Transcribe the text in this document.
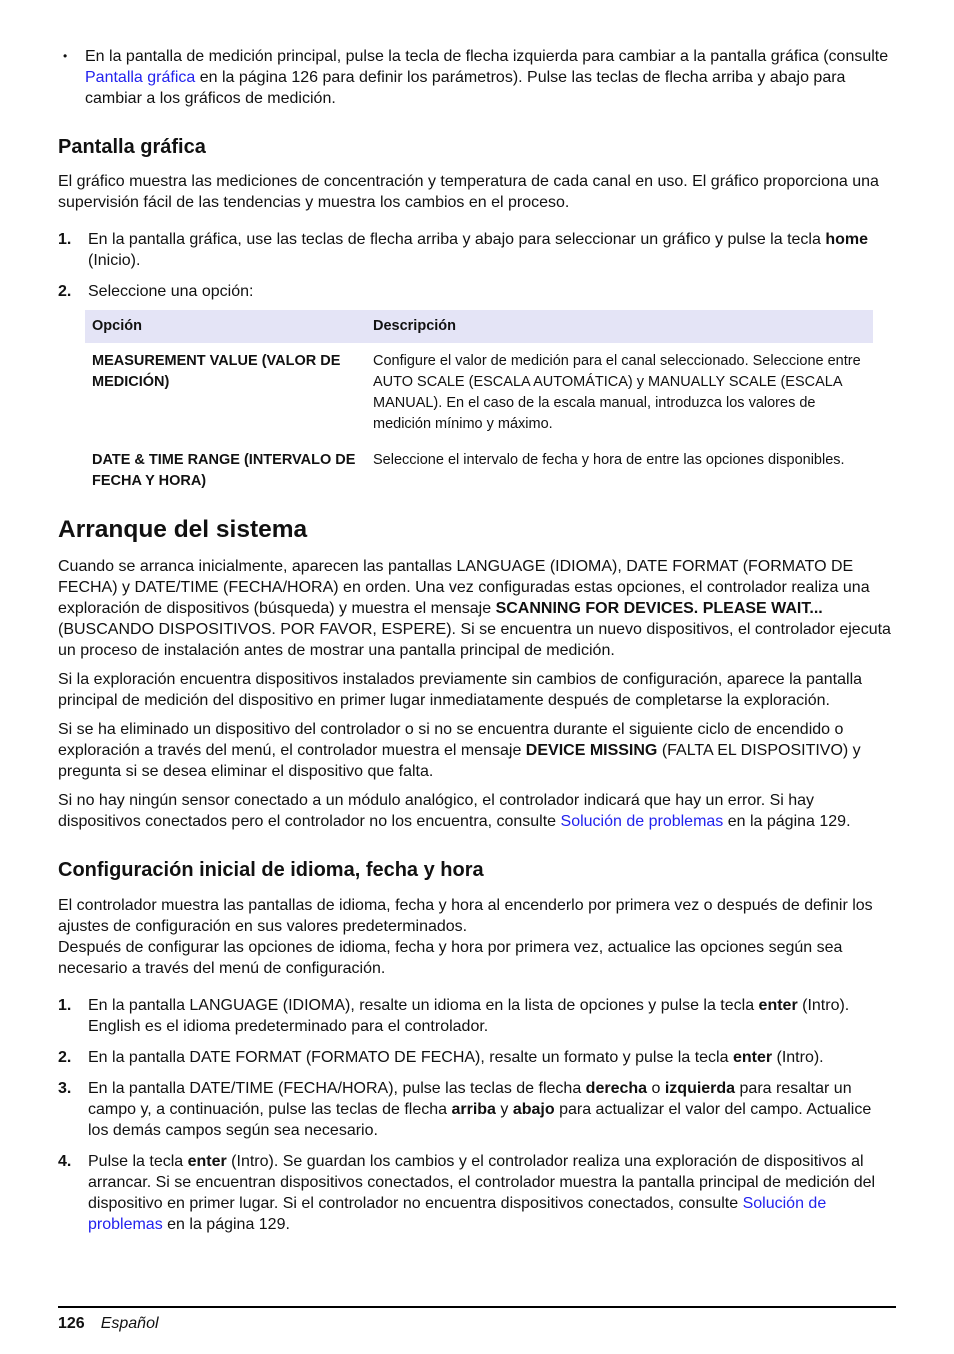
•	En la pantalla de medición principal, pulse la tecla de flecha izquierda para cambiar a la pantalla gráfica (consulte Pantalla gráfica en la página 126 para definir los parámetros). Pulse las teclas de flecha arriba y abajo para cambiar a los gráficos de medición.
Pantalla gráfica

El gráfico muestra las mediciones de concentración y temperatura de cada canal en uso. El gráfico proporciona una supervisión fácil de las tendencias y muestra los cambios en el proceso.

1.	En la pantalla gráfica, use las teclas de flecha arriba y abajo para seleccionar un gráfico y pulse la tecla home (Inicio).
2.	Seleccione una opción:
Opción	Descripción
MEASUREMENT VALUE (VALOR DE MEDICIÓN)	Configure el valor de medición para el canal seleccionado. Seleccione entre AUTO SCALE (ESCALA AUTOMÁTICA) y MANUALLY SCALE (ESCALA MANUAL). En el caso de la escala manual, introduzca los valores de medición mínimo y máximo.
DATE & TIME RANGE (INTERVALO DE FECHA Y HORA)	Seleccione el intervalo de fecha y hora de entre las opciones disponibles.
Arranque del sistema

Cuando se arranca inicialmente, aparecen las pantallas LANGUAGE (IDIOMA), DATE FORMAT (FORMATO DE FECHA) y DATE/TIME (FECHA/HORA) en orden. Una vez configuradas estas opciones, el controlador realiza una exploración de dispositivos (búsqueda) y muestra el mensaje SCANNING FOR DEVICES. PLEASE WAIT... (BUSCANDO DISPOSITIVOS. POR FAVOR, ESPERE). Si se encuentra un nuevo dispositivos, el controlador ejecuta un proceso de instalación antes de mostrar una pantalla principal de medición.

Si la exploración encuentra dispositivos instalados previamente sin cambios de configuración, aparece la pantalla principal de medición del dispositivo en primer lugar inmediatamente después de completarse la exploración.

Si se ha eliminado un dispositivo del controlador o si no se encuentra durante el siguiente ciclo de encendido o exploración a través del menú, el controlador muestra el mensaje DEVICE MISSING (FALTA EL DISPOSITIVO) y pregunta si se desea eliminar el dispositivo que falta.

Si no hay ningún sensor conectado a un módulo analógico, el controlador indicará que hay un error. Si hay dispositivos conectados pero el controlador no los encuentra, consulte Solución de problemas en la página 129.

Configuración inicial de idioma, fecha y hora

El controlador muestra las pantallas de idioma, fecha y hora al encenderlo por primera vez o después de definir los ajustes de configuración en sus valores predeterminados.

Después de configurar las opciones de idioma, fecha y hora por primera vez, actualice las opciones según sea necesario a través del menú de configuración.

1.	En la pantalla LANGUAGE (IDIOMA), resalte un idioma en la lista de opciones y pulse la tecla enter (Intro). English es el idioma predeterminado para el controlador.
2.	En la pantalla DATE FORMAT (FORMATO DE FECHA), resalte un formato y pulse la tecla enter (Intro).
3.	En la pantalla DATE/TIME (FECHA/HORA), pulse las teclas de flecha derecha o izquierda para resaltar un campo y, a continuación, pulse las teclas de flecha arriba y abajo para actualizar el valor del campo. Actualice los demás campos según sea necesario.
4.	Pulse la tecla enter (Intro). Se guardan los cambios y el controlador realiza una exploración de dispositivos al arrancar. Si se encuentran dispositivos conectados, el controlador muestra la pantalla principal de medición del dispositivo en primer lugar. Si el controlador no encuentra dispositivos conectados, consulte Solución de problemas en la página 129.
126 Español
